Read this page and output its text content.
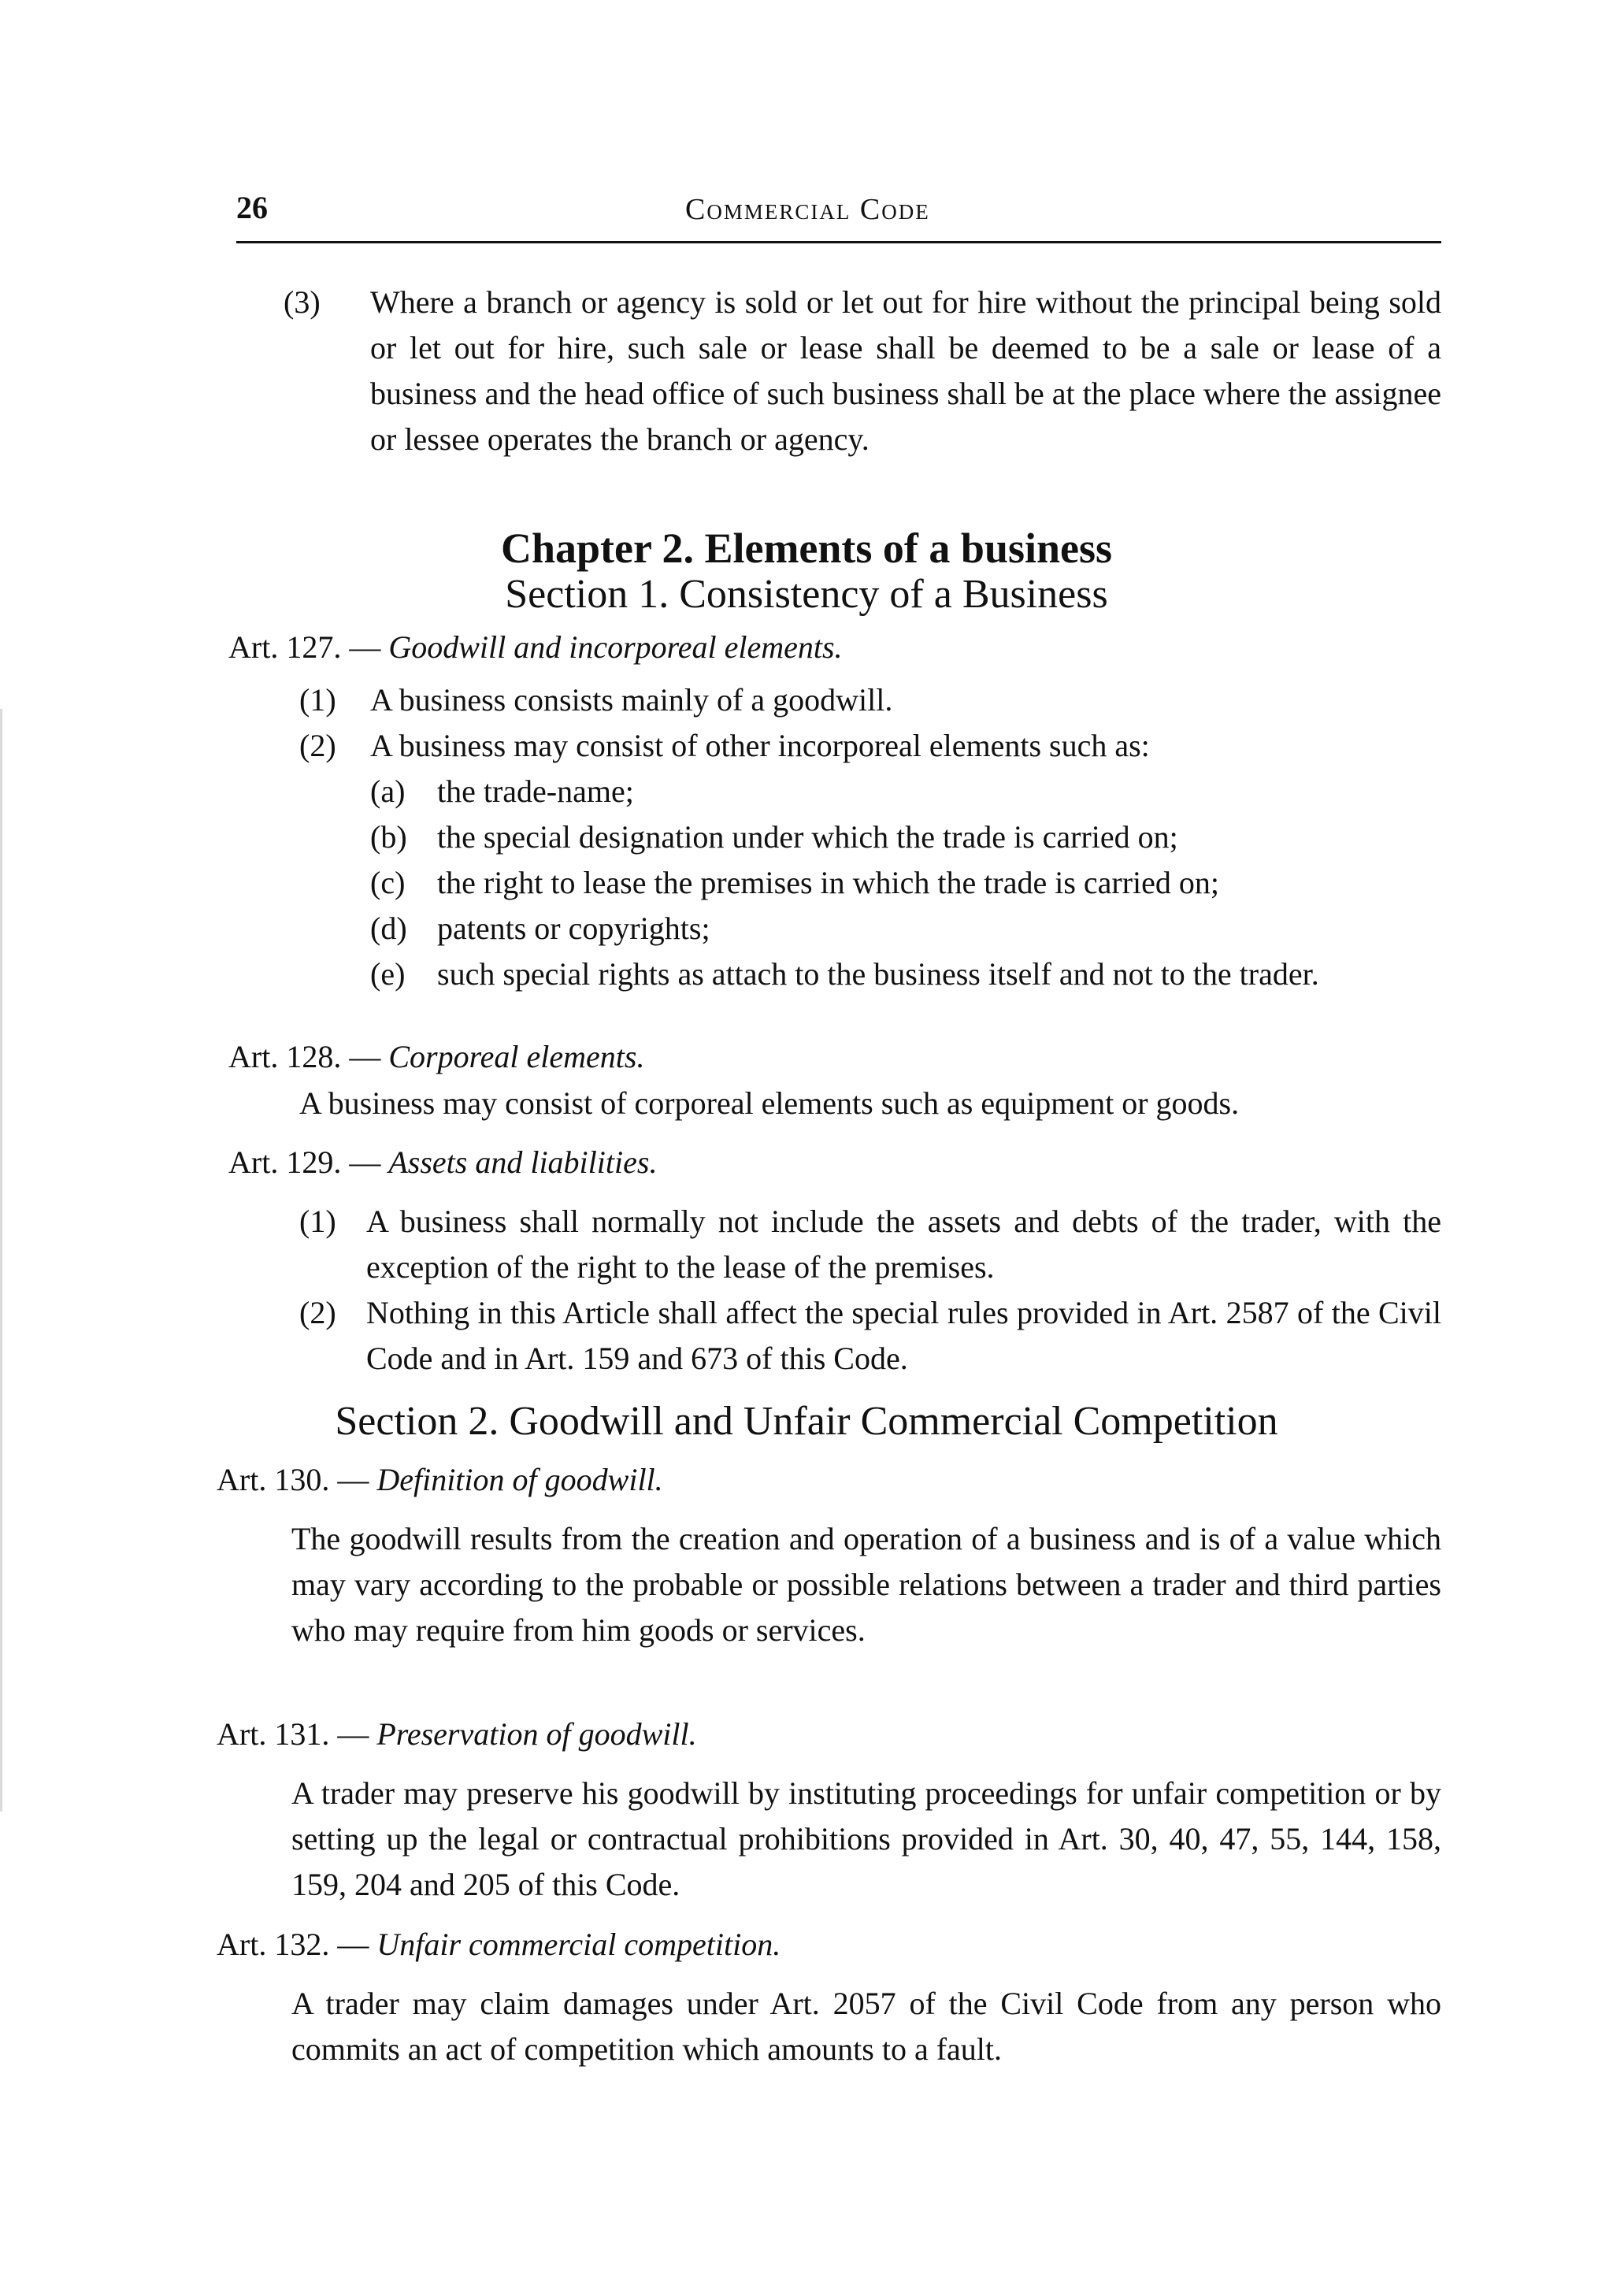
26	Commercial Code
(3) Where a branch or agency is sold or let out for hire without the principal being sold or let out for hire, such sale or lease shall be deemed to be a sale or lease of a business and the head office of such business shall be at the place where the assignee or lessee operates the branch or agency.
Chapter 2. Elements of a business
Section 1. Consistency of a Business
Art. 127. — Goodwill and incorporeal elements.
(1) A business consists mainly of a goodwill.
(2) A business may consist of other incorporeal elements such as:
(a) the trade-name;
(b) the special designation under which the trade is carried on;
(c) the right to lease the premises in which the trade is carried on;
(d) patents or copyrights;
(e) such special rights as attach to the business itself and not to the trader.
Art. 128. — Corporeal elements.
A business may consist of corporeal elements such as equipment or goods.
Art. 129. — Assets and liabilities.
(1) A business shall normally not include the assets and debts of the trader, with the exception of the right to the lease of the premises.
(2) Nothing in this Article shall affect the special rules provided in Art. 2587 of the Civil Code and in Art. 159 and 673 of this Code.
Section 2. Goodwill and Unfair Commercial Competition
Art. 130. — Definition of goodwill.
The goodwill results from the creation and operation of a business and is of a value which may vary according to the probable or possible relations between a trader and third parties who may require from him goods or services.
Art. 131. — Preservation of goodwill.
A trader may preserve his goodwill by instituting proceedings for unfair competition or by setting up the legal or contractual prohibitions provided in Art. 30, 40, 47, 55, 144, 158, 159, 204 and 205 of this Code.
Art. 132. — Unfair commercial competition.
A trader may claim damages under Art. 2057 of the Civil Code from any person who commits an act of competition which amounts to a fault.
